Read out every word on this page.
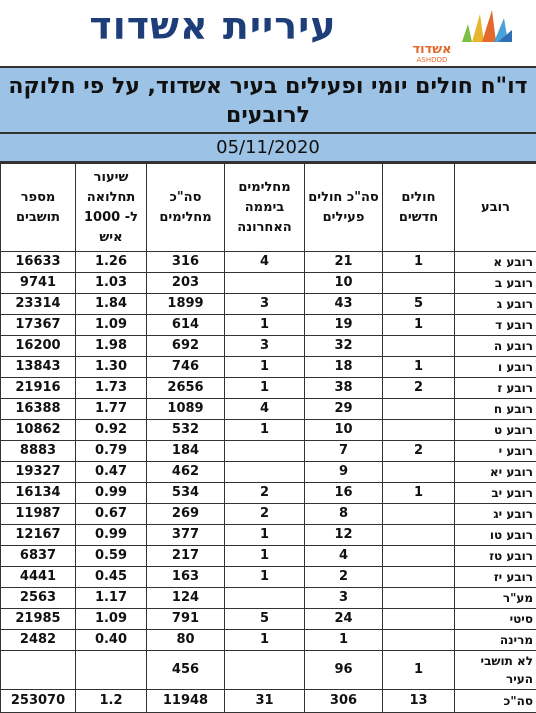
עיריית אשדוד
אשדוד
ASHDOD
דו"ח חולים יומי ופעילים בעיר אשדוד, על פי חלוקה לרובעים
05/11/2020
רובע	חולים חדשים	סה"כ חולים פעילים	מחלימים ביממה האחרונה	סה"כ מחלימים	שיעור תחלואה ל- 1000 איש	מספר תושבים
רובע א	1	21	4	316	1.26	16633
רובע ב		10		203	1.03	9741
רובע ג	5	43	3	1899	1.84	23314
רובע ד	1	19	1	614	1.09	17367
רובע ה		32	3	692	1.98	16200
רובע ו	1	18	1	746	1.30	13843
רובע ז	2	38	1	2656	1.73	21916
רובע ח		29	4	1089	1.77	16388
רובע ט		10	1	532	0.92	10862
רובע י	2	7		184	0.79	8883
רובע יא		9		462	0.47	19327
רובע יב	1	16	2	534	0.99	16134
רובע יג		8	2	269	0.67	11987
רובע טו		12	1	377	0.99	12167
רובע טז		4	1	217	0.59	6837
רובע יז		2	1	163	0.45	4441
מע"ר		3		124	1.17	2563
סיטי		24	5	791	1.09	21985
מרינה		1	1	80	0.40	2482
לא תושבי העיר	1	96		456		
סה"כ	13	306	31	11948	1.2	253070
